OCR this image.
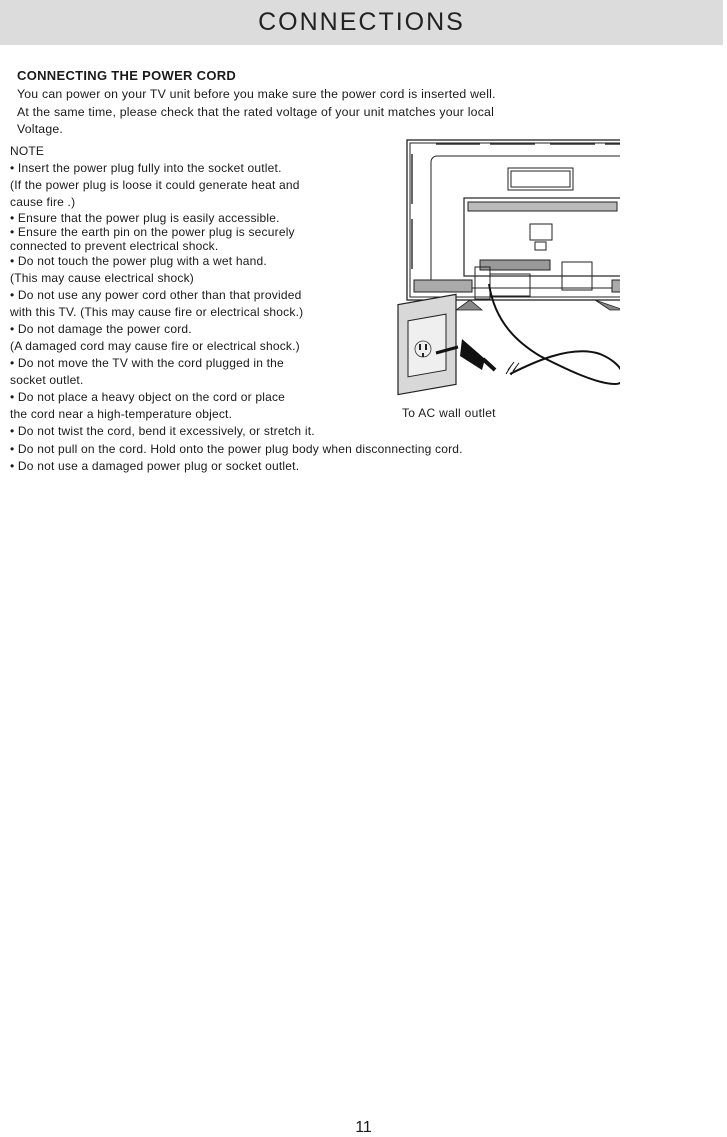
CONNECTIONS
CONNECTING THE POWER CORD
You can power on your TV unit before you make sure the power cord is inserted well.
At the same time, please check that the rated voltage of your unit matches your local
Voltage.
NOTE
• Insert the power plug fully into the socket outlet.
(If the power plug is loose it could generate heat and
cause fire .)
• Ensure that the power plug is easily accessible.
• Ensure the earth pin on the power plug is securely
connected to prevent electrical shock.
• Do not touch the power plug with a wet hand.
(This may cause electrical shock)
• Do not use any power cord other than that provided
with this TV. (This may cause fire or electrical shock.)
• Do not damage the power cord.
(A damaged cord may cause fire or electrical shock.)
• Do not move the TV with the cord plugged in the
socket outlet.
• Do not place a heavy object on the cord or place
the cord near a high-temperature object.
• Do not twist the cord, bend it excessively, or stretch it.
• Do not pull on the cord. Hold onto the power plug body when disconnecting cord.
• Do not use a damaged power plug or socket outlet.
To AC wall outlet
11
